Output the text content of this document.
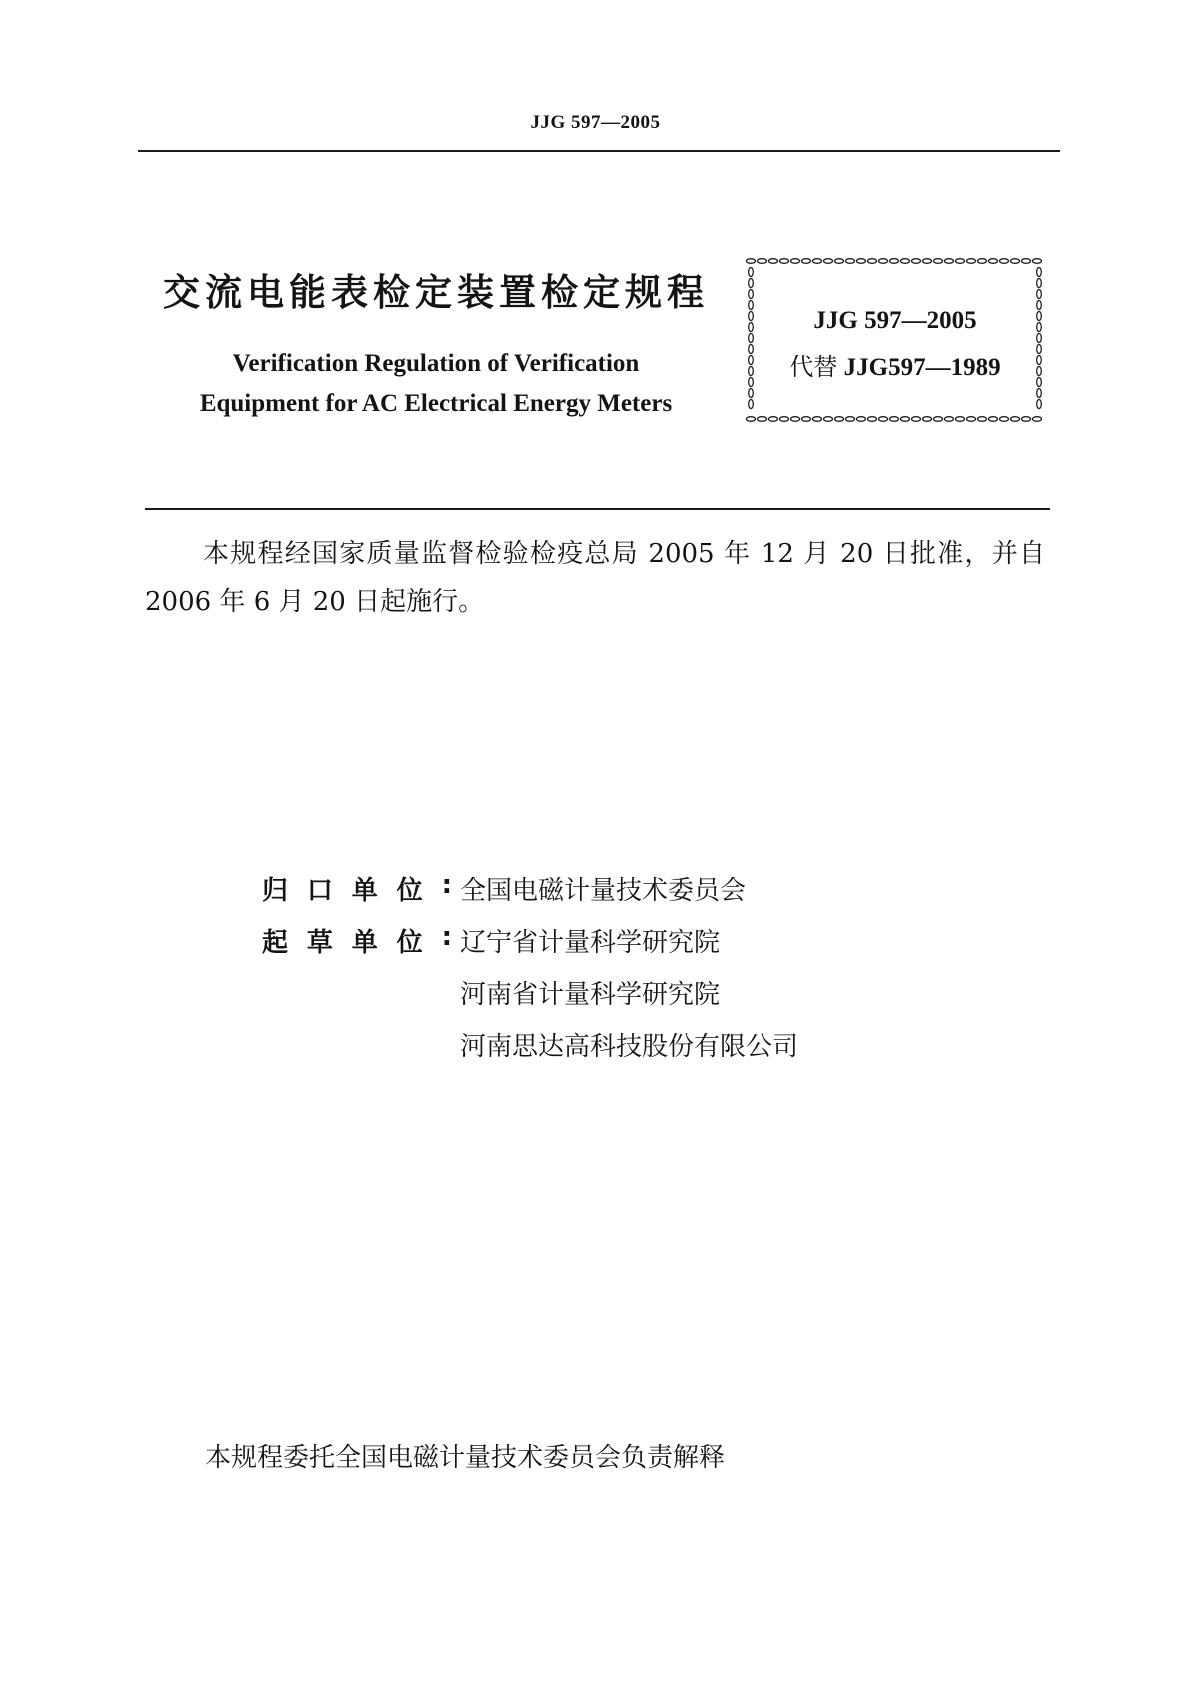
JJG 597—2005
交流电能表检定装置检定规程
Verification Regulation of Verification
Equipment for AC Electrical Energy Meters
JJG 597—2005
代替 JJG597—1989

本规程经国家质量监督检验检疫总局 2005 年 12 月 20 日批准，并自 2006 年 6 月 20 日起施行。

归 口 单 位 : 全国电磁计量技术委员会
起 草 单 位 : 辽宁省计量科学研究院
河南省计量科学研究院
河南思达高科技股份有限公司
本规程委托全国电磁计量技术委员会负责解释
